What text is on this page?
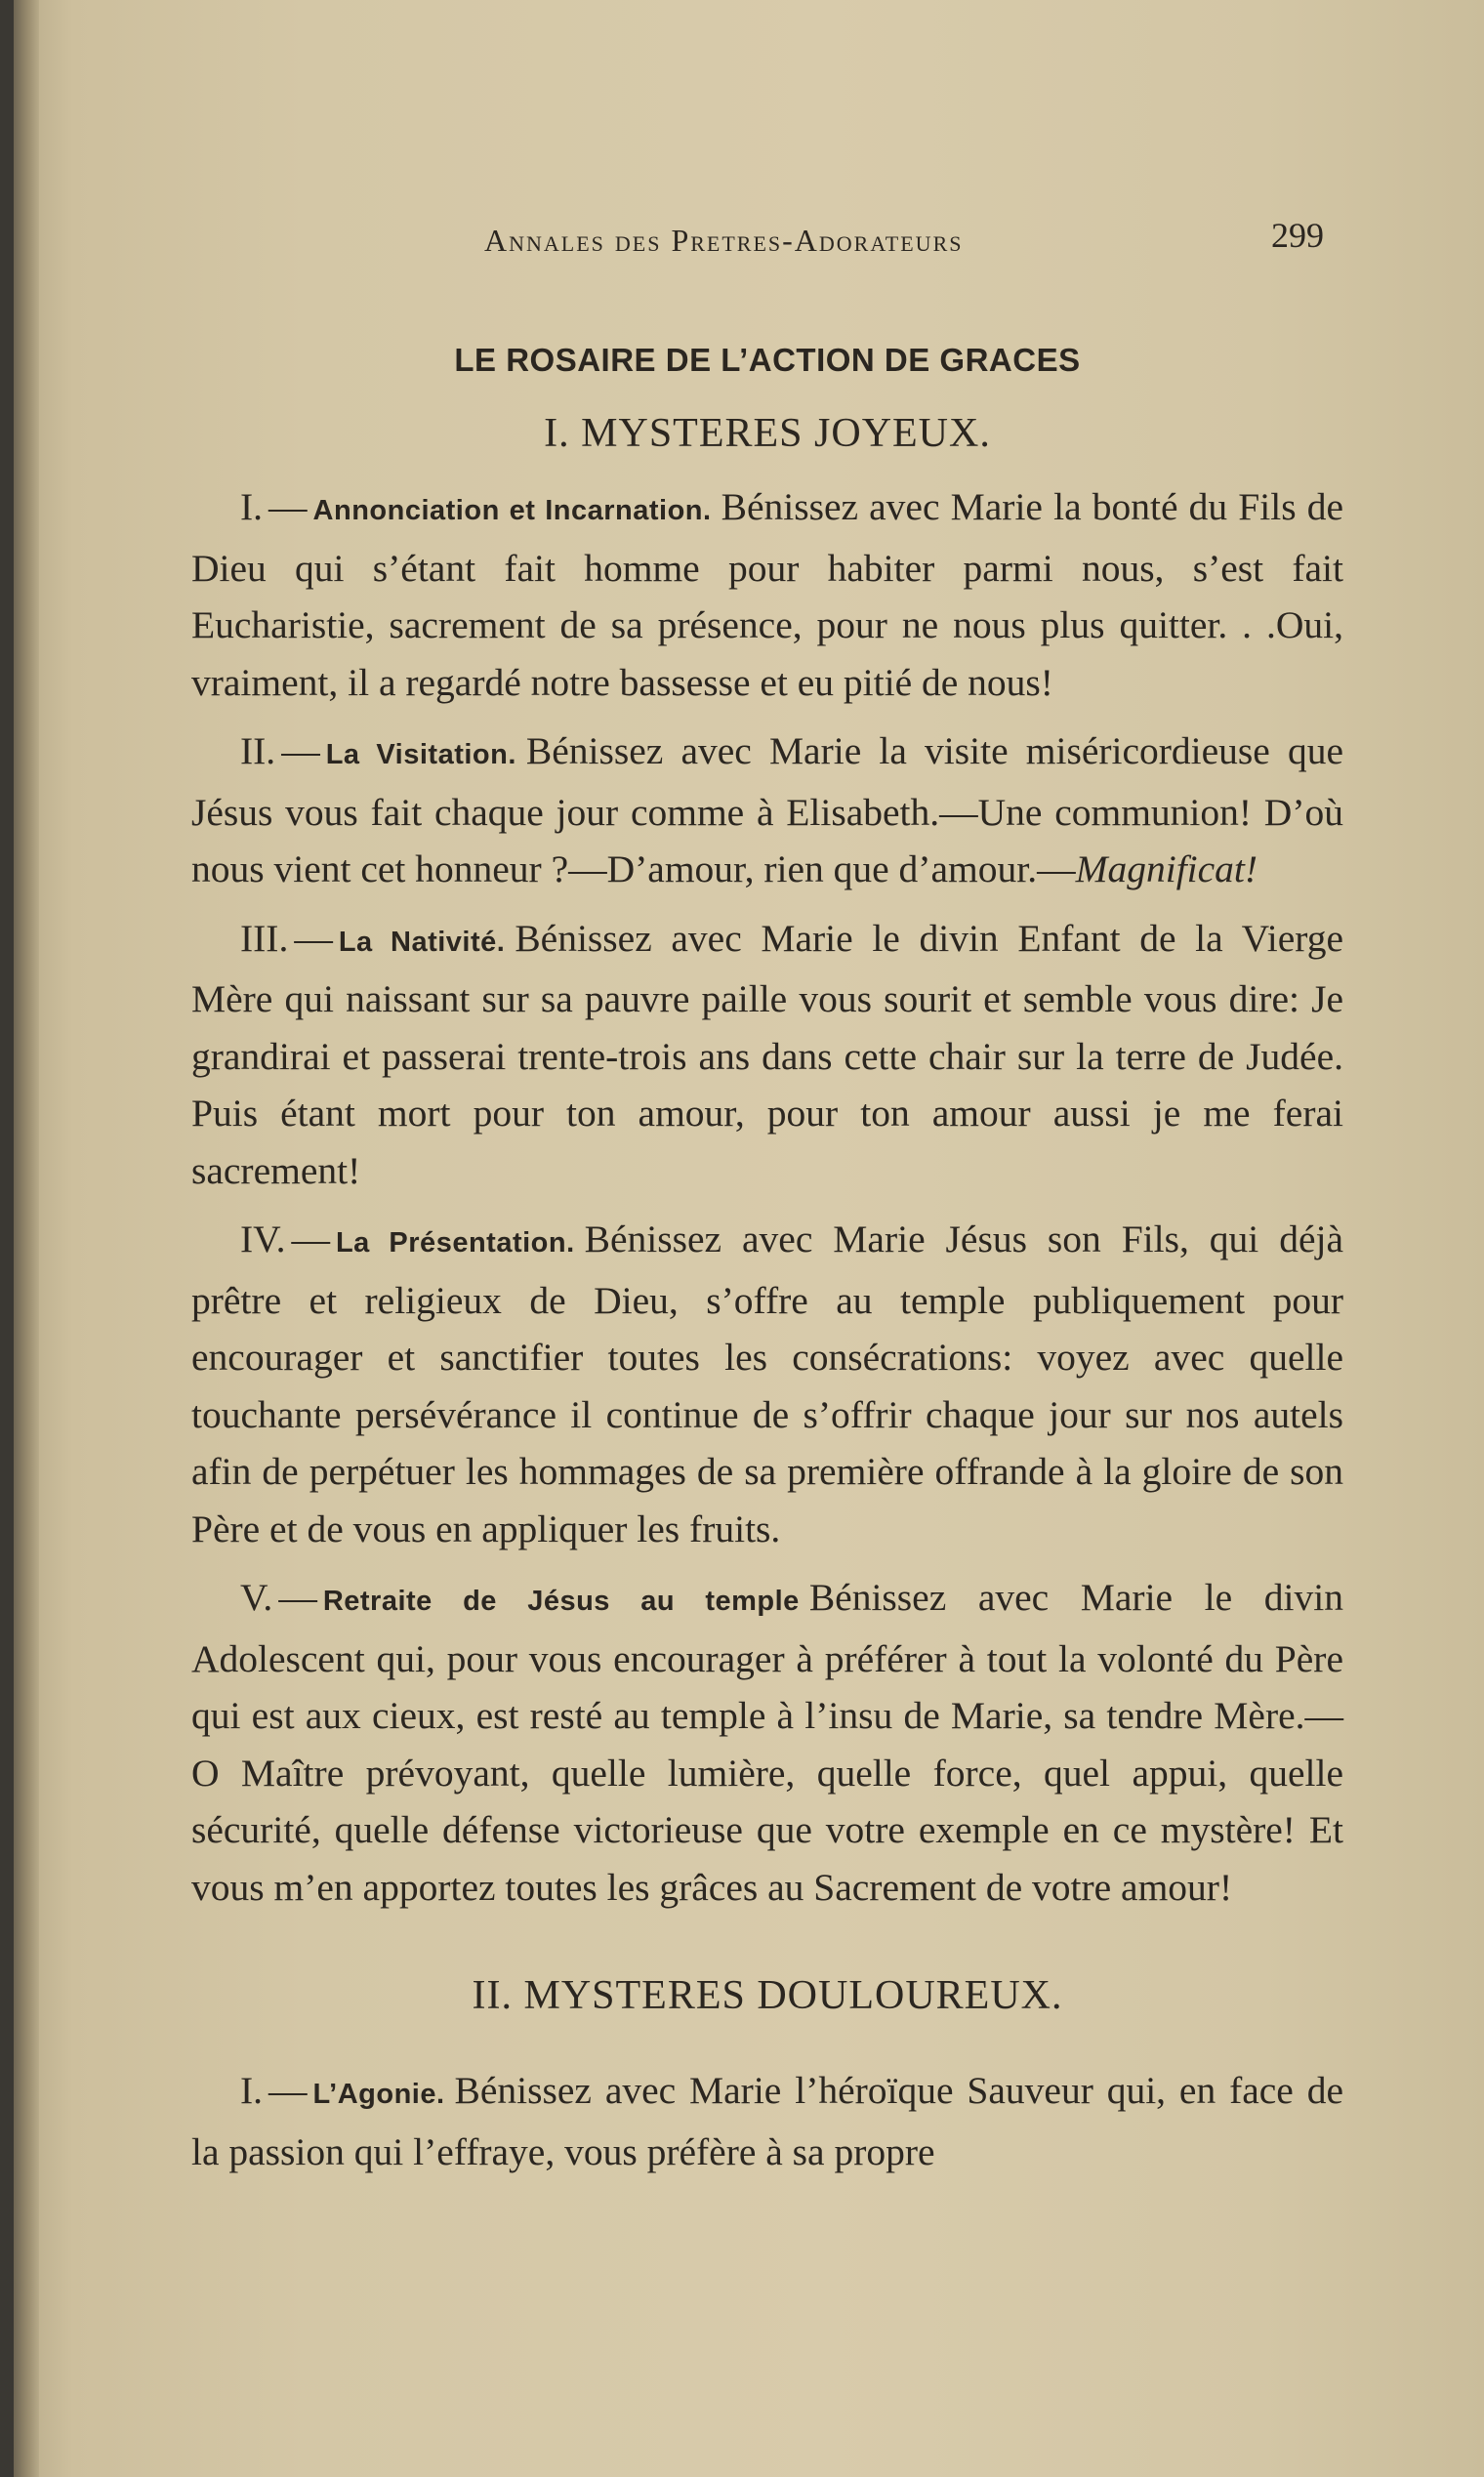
Annales des Pretres-Adorateurs	299
LE ROSAIRE DE L’ACTION DE GRACES
I. MYSTERES JOYEUX.

I. — Annonciation et Incarnation. Bénissez avec Marie la bonté du Fils de Dieu qui s’étant fait homme pour habiter parmi nous, s’est fait Eucharistie, sacrement de sa présence, pour ne nous plus quitter. . .Oui, vraiment, il a regardé notre bassesse et eu pitié de nous!

II. — La Visitation. Bénissez avec Marie la visite miséricordieuse que Jésus vous fait chaque jour comme à Elisabeth.—Une communion! D’où nous vient cet honneur ?—D’amour, rien que d’amour.—Magnificat!

III. — La Nativité. Bénissez avec Marie le divin Enfant de la Vierge Mère qui naissant sur sa pauvre paille vous sourit et semble vous dire: Je grandirai et passerai trente-trois ans dans cette chair sur la terre de Judée. Puis étant mort pour ton amour, pour ton amour aussi je me ferai sacrement!

IV. — La Présentation. Bénissez avec Marie Jésus son Fils, qui déjà prêtre et religieux de Dieu, s’offre au temple publiquement pour encourager et sanctifier toutes les consécrations: voyez avec quelle touchante persévérance il continue de s’offrir chaque jour sur nos autels afin de perpétuer les hommages de sa première offrande à la gloire de son Père et de vous en appliquer les fruits.

V. — Retraite de Jésus au temple Bénissez avec Marie le divin Adolescent qui, pour vous encourager à préférer à tout la volonté du Père qui est aux cieux, est resté au temple à l’insu de Marie, sa tendre Mère.—O Maître prévoyant, quelle lumière, quelle force, quel appui, quelle sécurité, quelle défense victorieuse que votre exemple en ce mystère! Et vous m’en apportez toutes les grâces au Sacrement de votre amour!

II. MYSTERES DOULOUREUX.

I. — L’Agonie. Bénissez avec Marie l’héroïque Sauveur qui, en face de la passion qui l’effraye, vous préfère à sa propre
